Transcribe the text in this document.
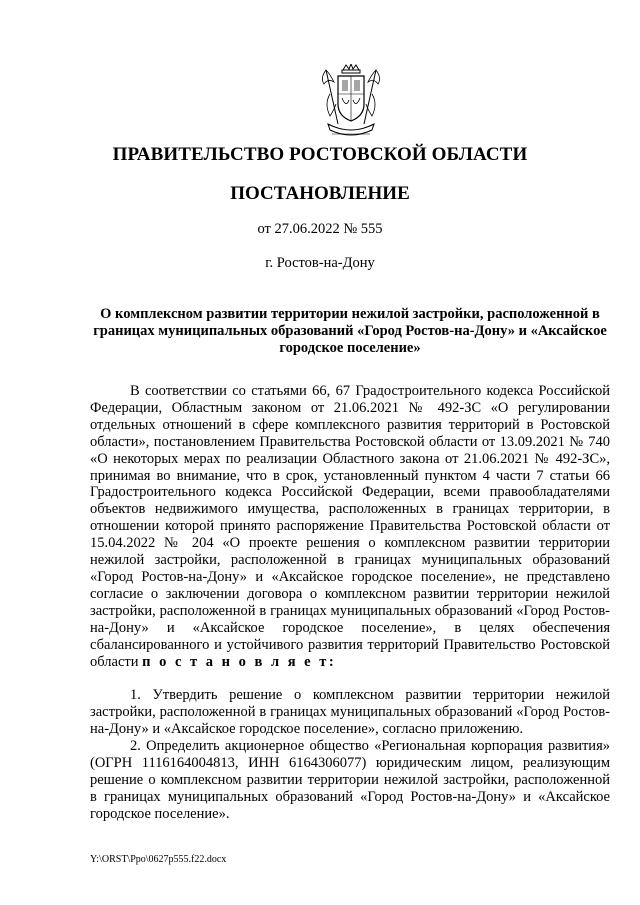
ПРАВИТЕЛЬСТВО РОСТОВСКОЙ ОБЛАСТИ
ПОСТАНОВЛЕНИЕ
от 27.06.2022 № 555
г. Ростов-на-Дону
О комплексном развитии территории нежилой застройки, расположенной в границах муниципальных образований «Город Ростов-на-Дону» и «Аксайское городское поселение»

В соответствии со статьями 66, 67 Градостроительного кодекса Российской Федерации, Областным законом от 21.06.2021 № 492-ЗС «О регулировании отдельных отношений в сфере комплексного развития территорий в Ростовской области», постановлением Правительства Ростовской области от 13.09.2021 № 740 «О некоторых мерах по реализации Областного закона от 21.06.2021 № 492-ЗС», принимая во внимание, что в срок, установленный пунктом 4 части 7 статьи 66 Градостроительного кодекса Российской Федерации, всеми правообладателями объектов недвижимого имущества, расположенных в границах территории, в отношении которой принято распоряжение Правительства Ростовской области от 15.04.2022 № 204 «О проекте решения о комплексном развитии территории нежилой застройки, расположенной в границах муниципальных образований «Город Ростов-на-Дону» и «Аксайское городское поселение», не представлено согласие о заключении договора о комплексном развитии территории нежилой застройки, расположенной в границах муниципальных образований «Город Ростов-на-Дону» и «Аксайское городское поселение», в целях обеспечения сбалансированного и устойчивого развития территорий Правительство Ростовской области п о с т а н о в л я е т:

1. Утвердить решение о комплексном развитии территории нежилой застройки, расположенной в границах муниципальных образований «Город Ростов-на-Дону» и «Аксайское городское поселение», согласно приложению.

2. Определить акционерное общество «Региональная корпорация развития» (ОГРН 1116164004813, ИНН 6164306077) юридическим лицом, реализующим решение о комплексном развитии территории нежилой застройки, расположенной в границах муниципальных образований «Город Ростов-на-Дону» и «Аксайское городское поселение».

Y:\ORST\Ppo\0627p555.f22.docx
